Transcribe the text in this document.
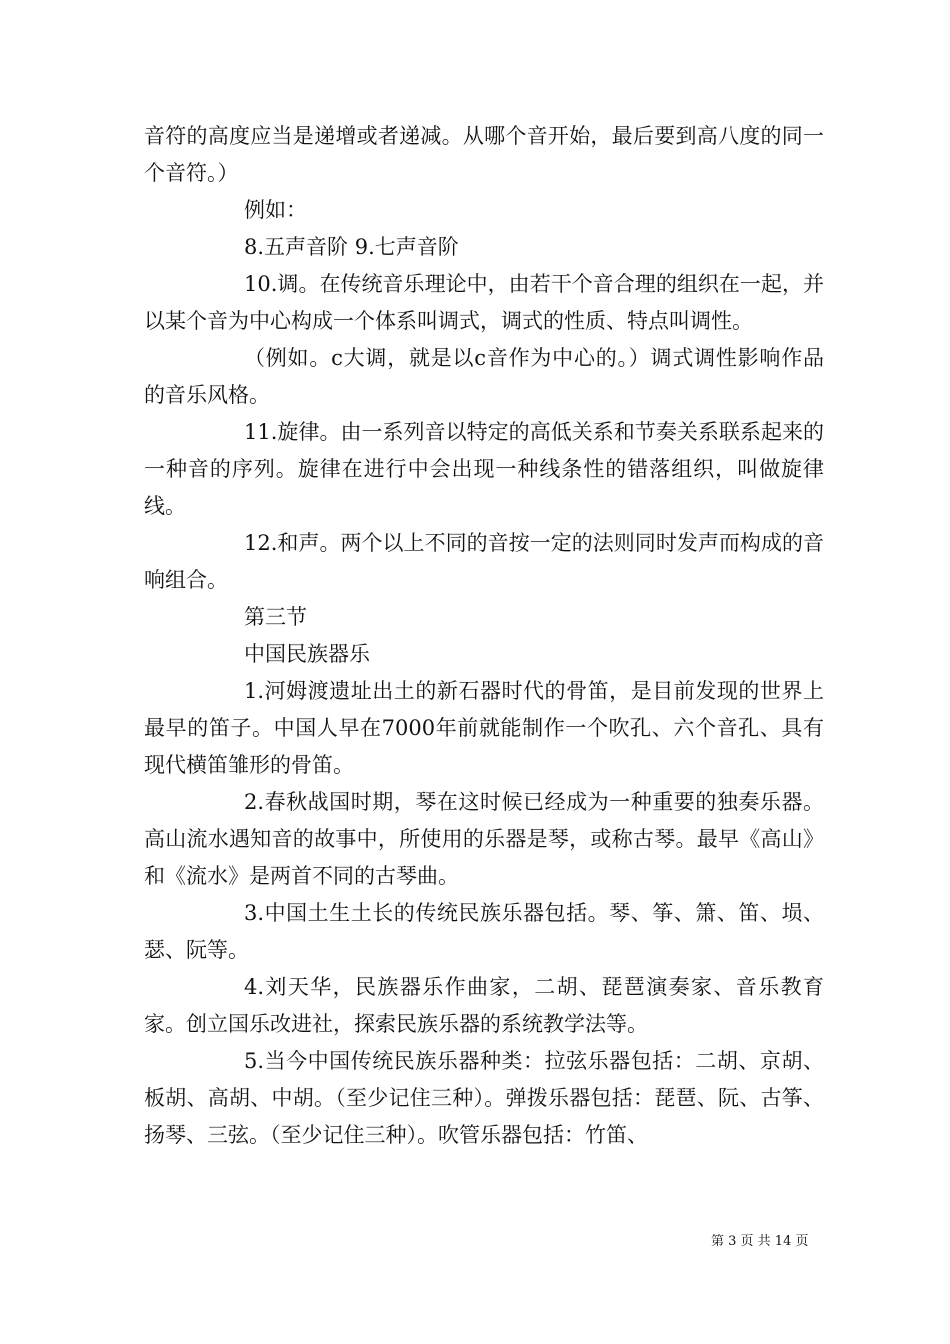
音符的高度应当是递增或者递减。从哪个音开始，最后要到高八度的同一个音符。）

例如：

8.五声音阶 9.七声音阶

10.调。在传统音乐理论中，由若干个音合理的组织在一起，并以某个音为中心构成一个体系叫调式，调式的性质、特点叫调性。

（例如。c大调，就是以c音作为中心的。）调式调性影响作品的音乐风格。

11.旋律。由一系列音以特定的高低关系和节奏关系联系起来的一种音的序列。旋律在进行中会出现一种线条性的错落组织，叫做旋律线。

12.和声。两个以上不同的音按一定的法则同时发声而构成的音响组合。

第三节

中国民族器乐

1.河姆渡遗址出土的新石器时代的骨笛，是目前发现的世界上最早的笛子。中国人早在7000年前就能制作一个吹孔、六个音孔、具有现代横笛雏形的骨笛。

2.春秋战国时期，琴在这时候已经成为一种重要的独奏乐器。高山流水遇知音的故事中，所使用的乐器是琴，或称古琴。最早《高山》和《流水》是两首不同的古琴曲。

3.中国土生土长的传统民族乐器包括。琴、筝、箫、笛、埙、瑟、阮等。

4.刘天华，民族器乐作曲家，二胡、琵琶演奏家、音乐教育家。创立国乐改进社，探索民族乐器的系统教学法等。

5.当今中国传统民族乐器种类：拉弦乐器包括：二胡、京胡、板胡、高胡、中胡。（至少记住三种）。弹拨乐器包括：琵琶、阮、古筝、扬琴、三弦。（至少记住三种）。吹管乐器包括：竹笛、

第 3 页 共 14 页
